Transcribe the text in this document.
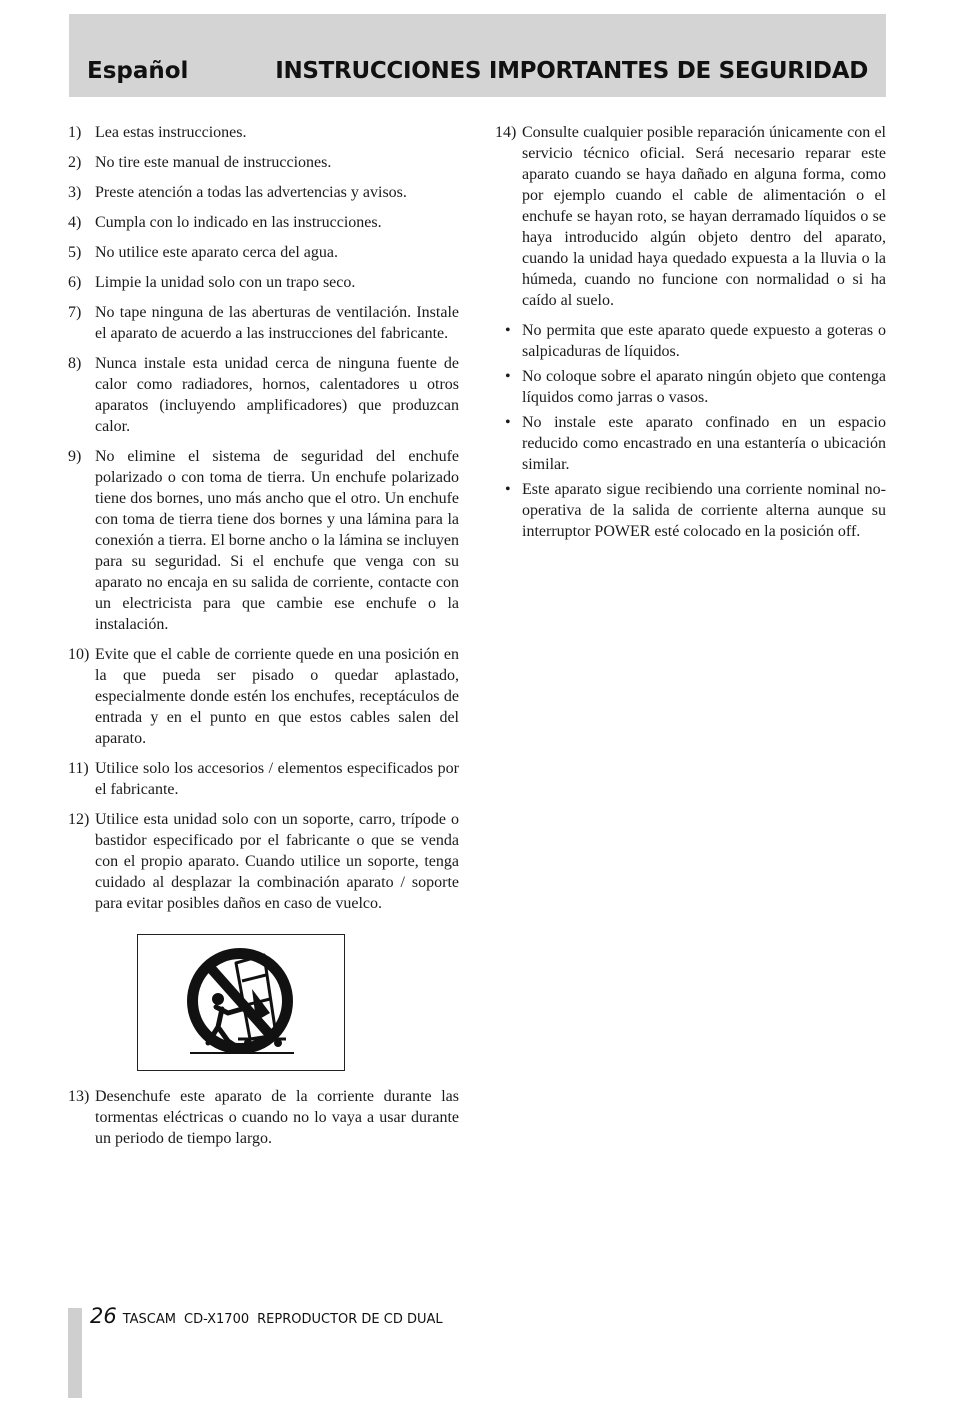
Español	INSTRUCCIONES IMPORTANTES DE SEGURIDAD
1) Lea estas instrucciones.
2) No tire este manual de instrucciones.
3) Preste atención a todas las advertencias y avisos.
4) Cumpla con lo indicado en las instrucciones.
5) No utilice este aparato cerca del agua.
6) Limpie la unidad solo con un trapo seco.
7) No tape ninguna de las aberturas de ventilación. Instale el aparato de acuerdo a las instrucciones del fabricante.
8) Nunca instale esta unidad cerca de ninguna fuente de calor como radiadores, hornos, calentadores u otros aparatos (incluyendo amplificadores) que produzcan calor.
9) No elimine el sistema de seguridad del enchufe polarizado o con toma de tierra. Un enchufe polarizado tiene dos bornes, uno más ancho que el otro. Un enchufe con toma de tierra tiene dos bornes y una lámina para la conexión a tierra. El borne ancho o la lámina se incluyen para su seguridad. Si el enchufe que venga con su aparato no encaja en su salida de corriente, contacte con un electricista para que cambie ese enchufe o la instalación.
10) Evite que el cable de corriente quede en una posición en la que pueda ser pisado o quedar aplastado, especialmente donde estén los enchufes, receptáculos de entrada y en el punto en que estos cables salen del aparato.
11) Utilice solo los accesorios / elementos especificados por el fabricante.
12) Utilice esta unidad solo con un soporte, carro, trípode o bastidor especificado por el fabricante o que se venda con el propio aparato. Cuando utilice un soporte, tenga cuidado al desplazar la combinación aparato / soporte para evitar posibles daños en caso de vuelco.
13) Desenchufe este aparato de la corriente durante las tormentas eléctricas o cuando no lo vaya a usar durante un periodo de tiempo largo.
14) Consulte cualquier posible reparación únicamente con el servicio técnico oficial. Será necesario reparar este aparato cuando se haya dañado en alguna forma, como por ejemplo cuando el cable de alimentación o el enchufe se hayan roto, se hayan derramado líquidos o se haya introducido algún objeto dentro del aparato, cuando la unidad haya quedado expuesta a la lluvia o la húmeda, cuando no funcione con normalidad o si ha caído al suelo.
• No permita que este aparato quede expuesto a goteras o salpicaduras de líquidos.
• No coloque sobre el aparato ningún objeto que contenga líquidos como jarras o vasos.
• No instale este aparato confinado en un espacio reducido como encastrado en una estantería o ubicación similar.
• Este aparato sigue recibiendo una corriente nominal no-operativa de la salida de corriente alterna aunque su interruptor POWER esté colocado en la posición off.
26 TASCAM CD-X1700 REPRODUCTOR DE CD DUAL
